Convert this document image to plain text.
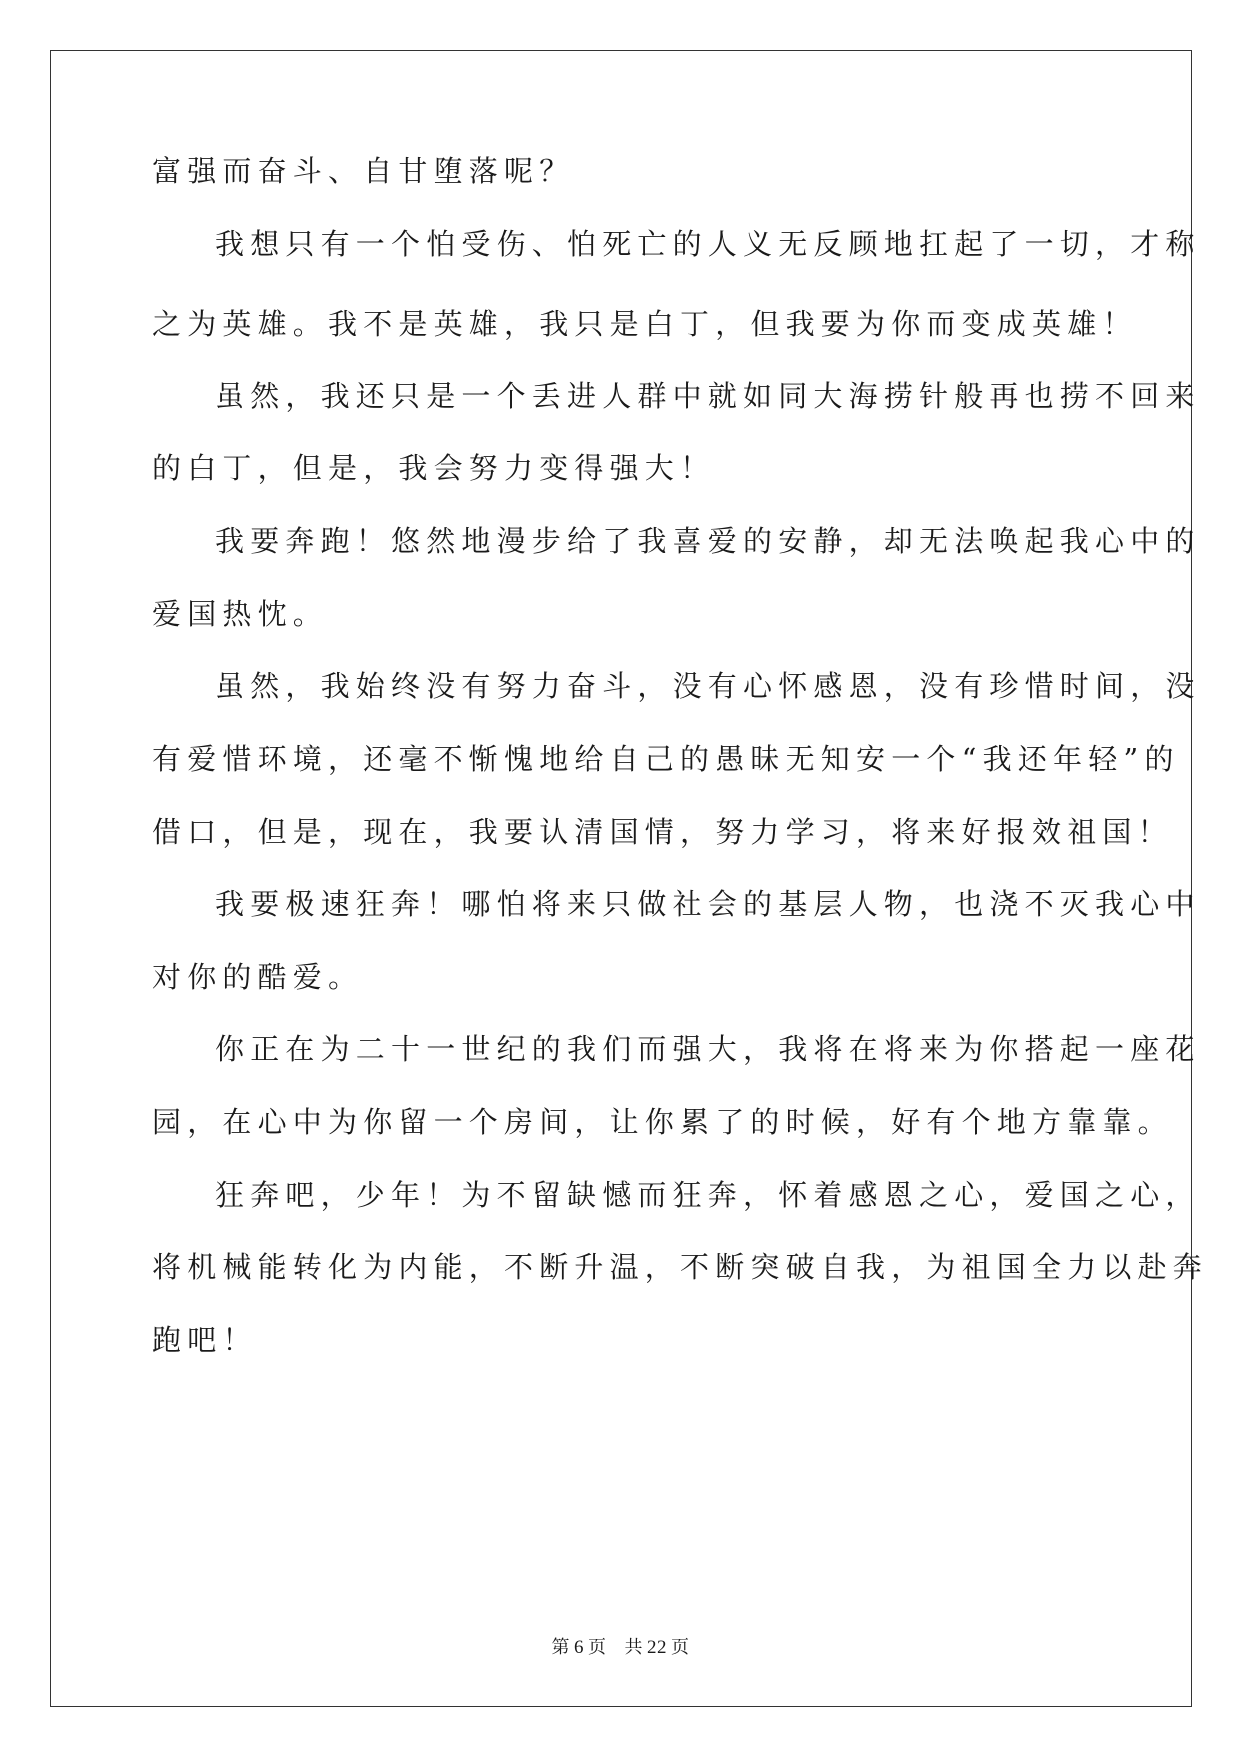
富强而奋斗、自甘堕落呢？
我想只有一个怕受伤、怕死亡的人义无反顾地扛起了一切，才称
之为英雄。我不是英雄，我只是白丁，但我要为你而变成英雄！
虽然，我还只是一个丢进人群中就如同大海捞针般再也捞不回来
的白丁，但是，我会努力变得强大！
我要奔跑！悠然地漫步给了我喜爱的安静，却无法唤起我心中的
爱国热忱。
虽然，我始终没有努力奋斗，没有心怀感恩，没有珍惜时间，没
有爱惜环境，还毫不惭愧地给自己的愚昧无知安一个“我还年轻”的
借口，但是，现在，我要认清国情，努力学习，将来好报效祖国！
我要极速狂奔！哪怕将来只做社会的基层人物，也浇不灭我心中
对你的酷爱。
你正在为二十一世纪的我们而强大，我将在将来为你搭起一座花
园，在心中为你留一个房间，让你累了的时候，好有个地方靠靠。
狂奔吧，少年！为不留缺憾而狂奔，怀着感恩之心，爱国之心，
将机械能转化为内能，不断升温，不断突破自我，为祖国全力以赴奔
跑吧！
第 6 页 共 22 页
